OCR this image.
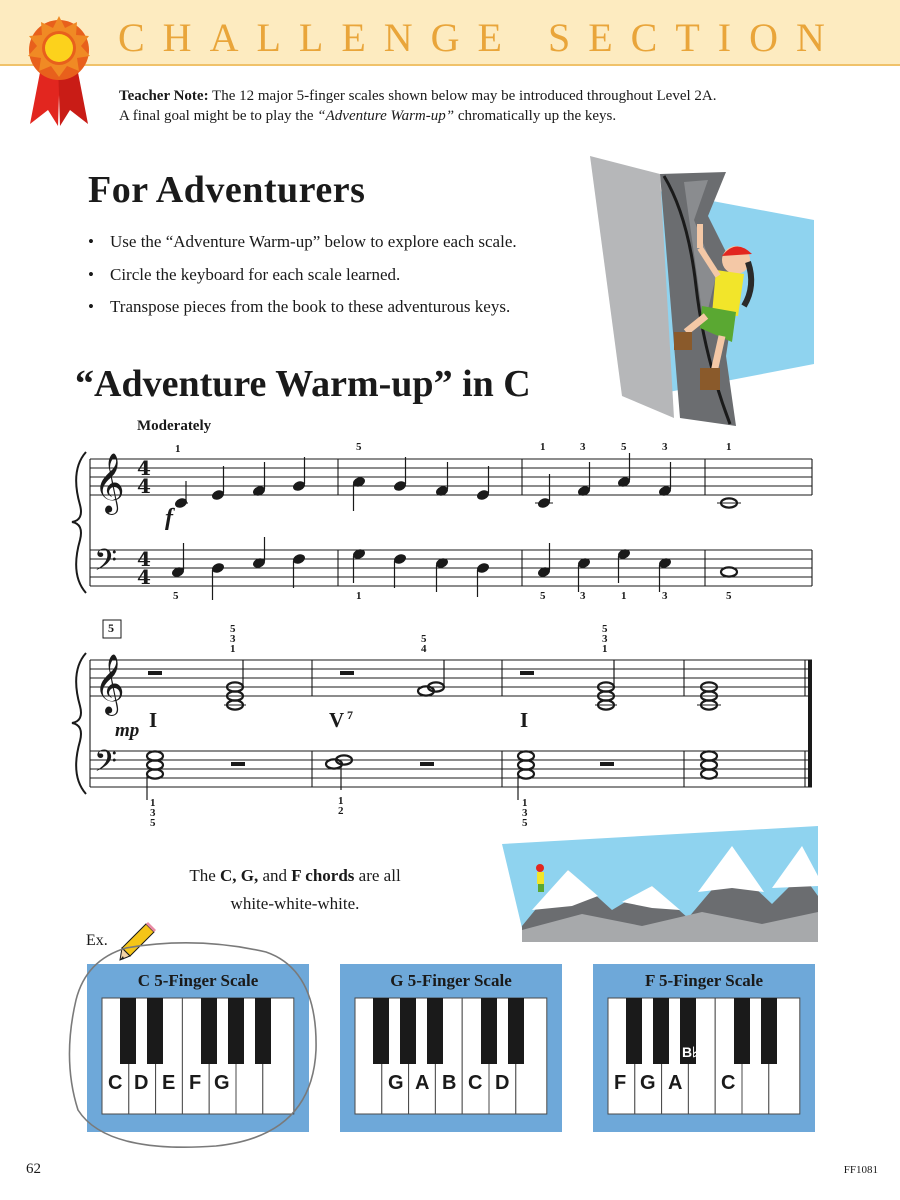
CHALLENGE SECTION
Teacher Note: The 12 major 5-finger scales shown below may be introduced throughout Level 2A.
A final goal might be to play the “Adventure Warm-up” chromatically up the keys.
For Adventurers
• Use the “Adventure Warm-up” below to explore each scale.
• Circle the keyboard for each scale learned.
• Transpose pieces from the book to these adventurous keys.
“Adventure Warm-up” in C
Moderately
𝄞
𝄢
𝄞
𝄢
4
4
4
4
1	5	1	3	5	3	1
5	1	5	3	1	3	5
f
5	5
3
1
5
4
5
3
1
1
3
5
1
2
1
3
5
mp I	V 7	I
The C, G, and F chords are all
white-white-white.
Ex.
C 5-Finger Scale
C D E F G
G 5-Finger Scale
G A B C D
F 5-Finger Scale
F G A C
B♭
62	FF1081
